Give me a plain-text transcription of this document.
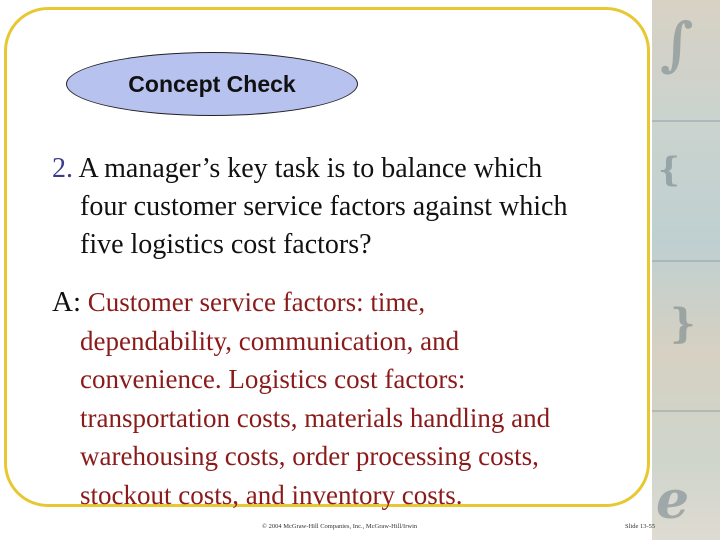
∫
{
}
e
Concept Check
2. A manager’s key task is to balance which
four customer service factors against which
five logistics cost factors?
A: Customer service factors: time,
dependability, communication, and
convenience. Logistics cost factors:
transportation costs, materials handling and
warehousing costs, order processing costs,
stockout costs, and inventory costs.
© 2004 McGraw-Hill Companies, Inc., McGraw-Hill/Irwin	Slide 13-55
